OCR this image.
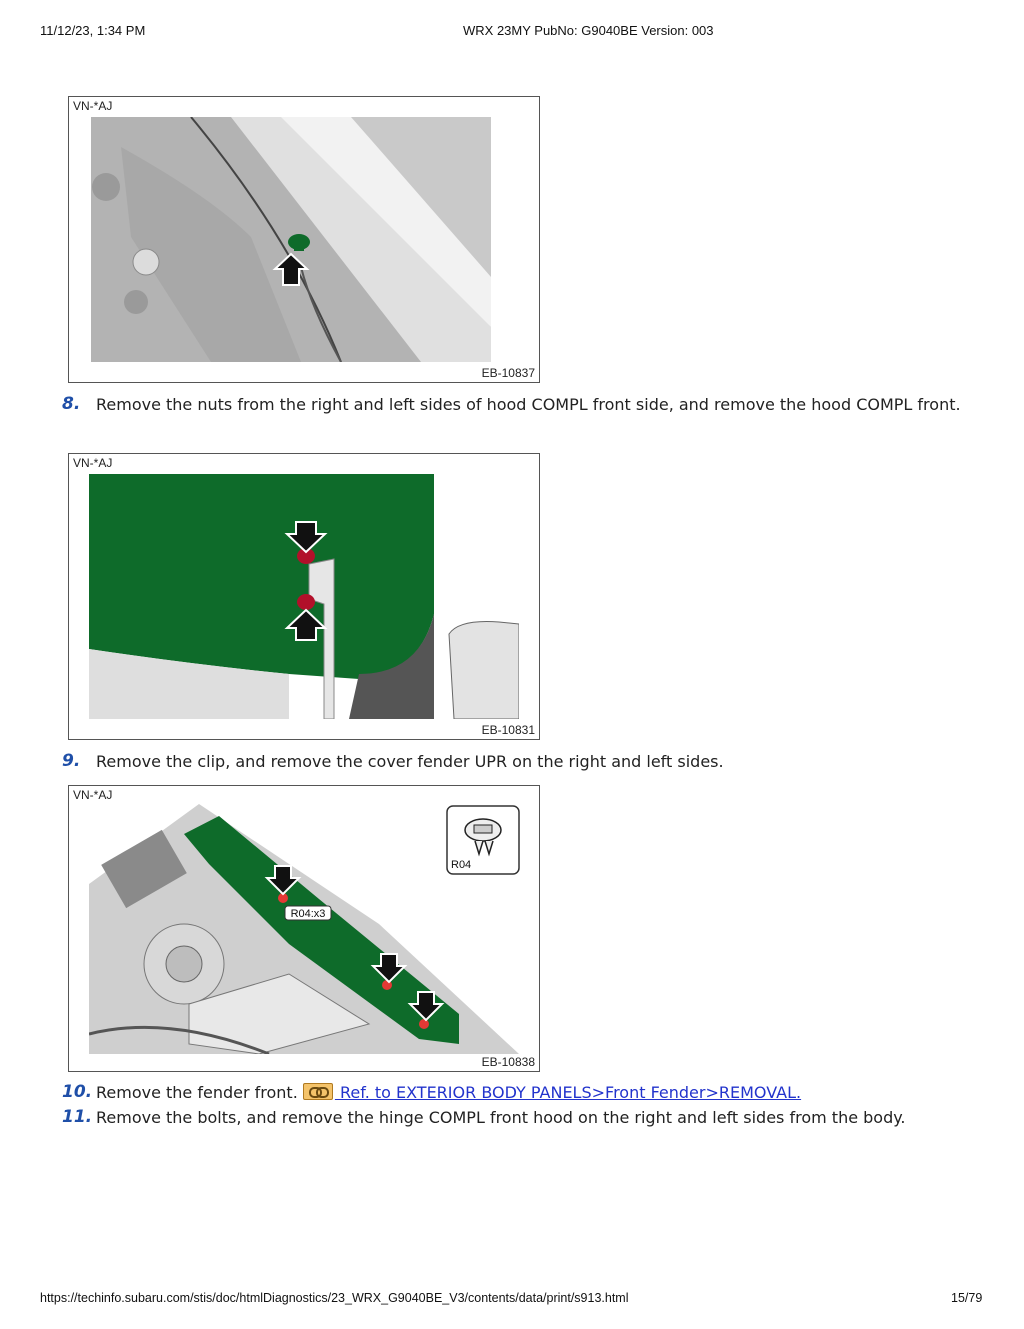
11/12/23, 1:34 PM	WRX 23MY PubNo: G9040BE Version: 003
VN-*AJ
EB-10837
8. Remove the nuts from the right and left sides of hood COMPL front side, and remove the hood COMPL front.
VN-*AJ
EB-10831
9. Remove the clip, and remove the cover fender UPR on the right and left sides.
VN-*AJ
R04:x3
R04
EB-10838
10. Remove the fender front.  Ref. to EXTERIOR BODY PANELS>Front Fender>REMOVAL.
11. Remove the bolts, and remove the hinge COMPL front hood on the right and left sides from the body.
https://techinfo.subaru.com/stis/doc/htmlDiagnostics/23_WRX_G9040BE_V3/contents/data/print/s913.html	15/79
